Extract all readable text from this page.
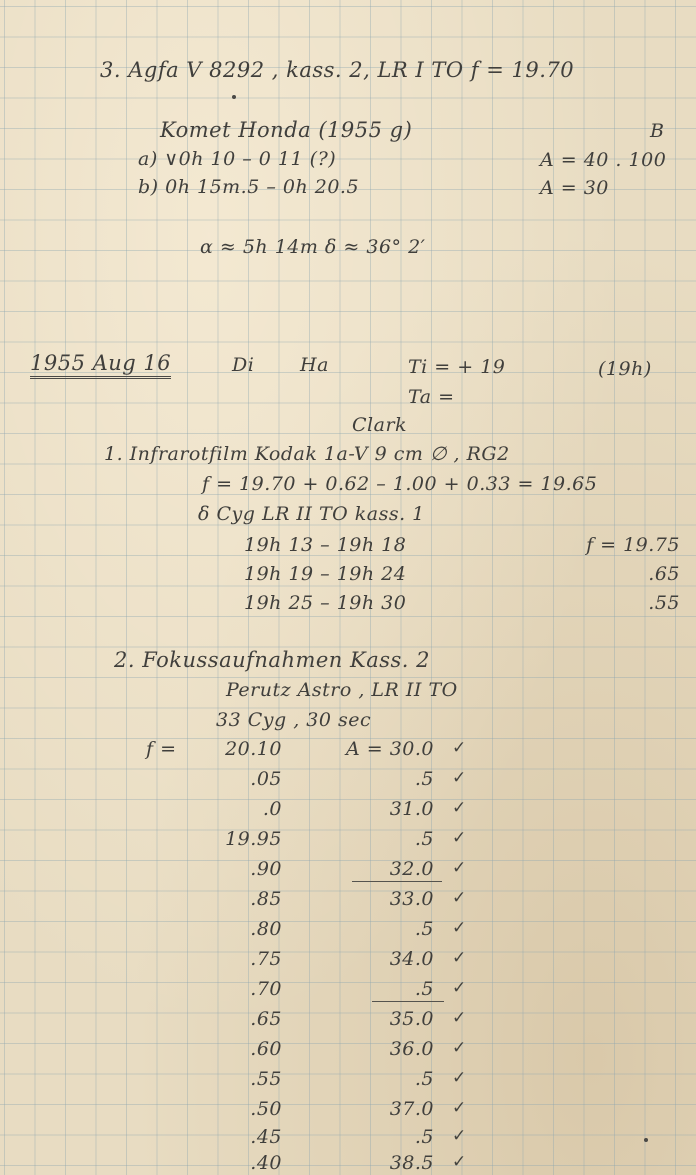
3. Agfa V 8292 , kass. 2, LR I TO f = 19.70
Komet Honda (1955 g)	B
a) ∨0h 10 – 0 11 (?)	A = 40 . 100
b) 0h 15m.5 – 0h 20.5	A = 30
α ≈ 5h 14m δ ≈ 36° 2′
1955 Aug 16	Di Ha	Ti = + 19	(19h)
Ta =
Clark
1. Infrarotfilm Kodak 1a-V 9 cm ∅ , RG2
f = 19.70 + 0.62 – 1.00 + 0.33 = 19.65
δ Cyg LR II TO kass. 1
19h 13 – 19h 18	f = 19.75
19h 19 – 19h 24	.65
19h 25 – 19h 30	.55
2. Fokussaufnahmen Kass. 2
Perutz Astro , LR II TO
33 Cyg , 30 sec
f =	20.10	A = 30.0 ✓
.05	.5 ✓
.0	31.0 ✓
19.95	.5 ✓
.90	32.0 ✓
.85	33.0 ✓
.80	.5 ✓
.75	34.0 ✓
.70	.5 ✓
.65	35.0 ✓
.60	36.0 ✓
.55	.5 ✓
.50	37.0 ✓
.45	.5 ✓
.40	38.5 ✓
